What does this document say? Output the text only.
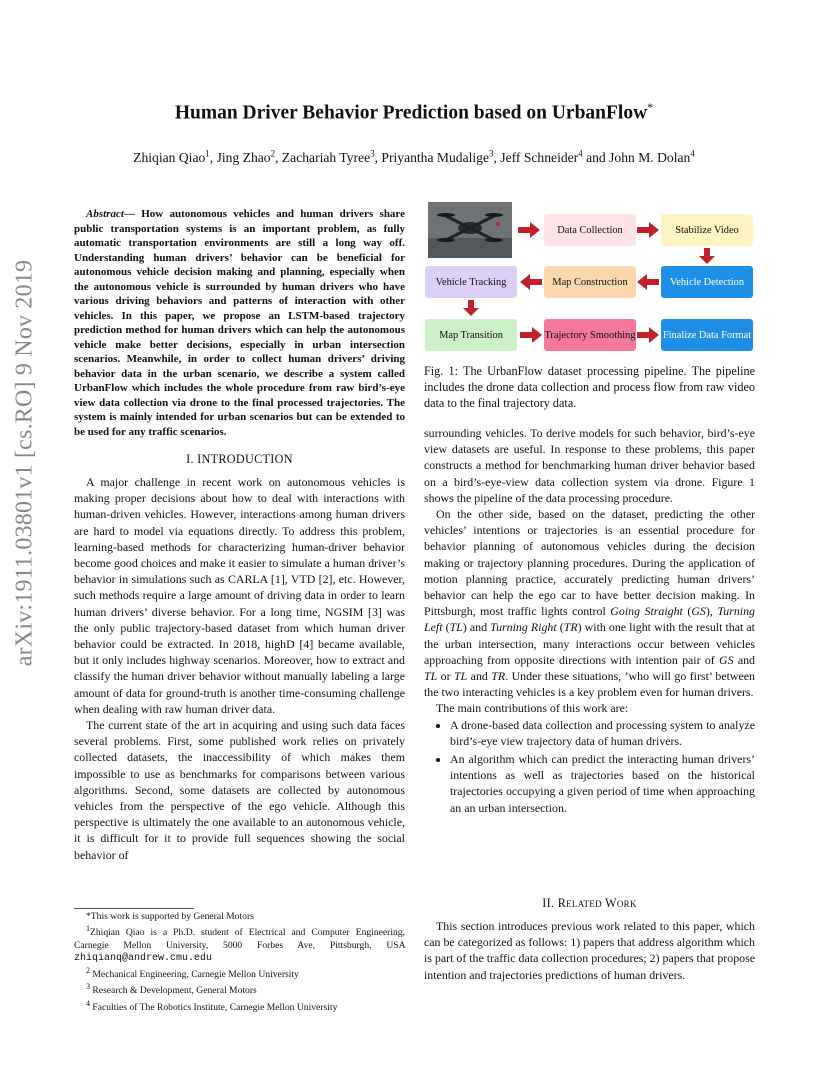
Human Driver Behavior Prediction based on UrbanFlow*
Zhiqian Qiao$^1$, Jing Zhao$^2$, Zachariah Tyree$^3$, Priyantha Mudalige$^3$, Jeff Schneider$^4$ and John M. Dolan$^4$
arXiv:1911.03801v1 [cs.RO] 9 Nov 2019

Abstract— How autonomous vehicles and human drivers share public transportation systems is an important problem, as fully automatic transportation environments are still a long way off. Understanding human drivers’ behavior can be beneficial for autonomous vehicle decision making and planning, especially when the autonomous vehicle is surrounded by human drivers who have various driving behaviors and patterns of interaction with other vehicles. In this paper, we propose an LSTM-based trajectory prediction method for human drivers which can help the autonomous vehicle make better decisions, especially in urban intersection scenarios. Meanwhile, in order to collect human drivers’ driving behavior data in the urban scenario, we describe a system called UrbanFlow which includes the whole procedure from raw bird’s-eye view data collection via drone to the final processed trajectories. The system is mainly intended for urban scenarios but can be extended to be used for any traffic scenarios.

I. INTRODUCTION

A major challenge in recent work on autonomous vehicles is making proper decisions about how to deal with interactions with human-driven vehicles. However, interactions among human drivers are hard to model via equations directly. To address this problem, learning-based methods for characterizing human-driver behavior become good choices and make it easier to simulate a human driver’s behavior in simulations such as CARLA [1], VTD [2], etc. However, such methods require a large amount of driving data in order to learn human drivers’ diverse behavior. For a long time, NGSIM [3] was the only public trajectory-based dataset from which human driver behavior could be extracted. In 2018, highD [4] became available, but it only includes highway scenarios. Moreover, how to extract and classify the human driver behavior without manually labeling a large amount of data for ground-truth is another time-consuming challenge when dealing with raw human driver data.

The current state of the art in acquiring and using such data faces several problems. First, some published work relies on privately collected datasets, the inaccessibility of which makes them impossible to use as benchmarks for comparisons between various algorithms. Second, some datasets are collected by autonomous vehicles from the perspective of the ego vehicle. Although this perspective is ultimately the one available to an autonomous vehicle, it is difficult for it to provide full sequences showing the social behavior of

*This work is supported by General Motors

$^1$Zhiqian Qiao is a Ph.D. student of Electrical and Computer Engineering, Carnegie Mellon University, 5000 Forbes Ave, Pittsburgh, USA zhiqianq@andrew.cmu.edu

$^2$ Mechanical Engineering, Carnegie Mellon University

$^3$ Research & Development, General Motors

$^4$ Faculties of The Robotics Institute, Carnegie Mellon University

Data Collection	Stabilize Video
Vehicle Tracking	Map Construction	Vehicle Detection
Map Transition	Trajectory Smoothing	Finalize Data Format
Fig. 1: The UrbanFlow dataset processing pipeline. The pipeline includes the drone data collection and process flow from raw video data to the final trajectory data.

surrounding vehicles. To derive models for such behavior, bird’s-eye view datasets are useful. In response to these problems, this paper constructs a method for benchmarking human driver behavior based on a bird’s-eye-view data collection system via drone. Figure 1 shows the pipeline of the data processing procedure.

On the other side, based on the dataset, predicting the other vehicles’ intentions or trajectories is an essential procedure for behavior planning of autonomous vehicles during the decision making or trajectory planning procedures. During the application of motion planning practice, accurately predicting human drivers’ behavior can help the ego car to have better decision making. In Pittsburgh, most traffic lights control Going Straight (GS), Turning Left (TL) and Turning Right (TR) with one light with the result that at the urban intersection, many interactions occur between vehicles approaching from opposite directions with intention pair of GS and TL or TL and TR. Under these situations, ’who will go first’ between the two interacting vehicles is a key problem even for human drivers.

The main contributions of this work are:

• A drone-based data collection and processing system to analyze bird’s-eye view trajectory data of human drivers.
• An algorithm which can predict the interacting human drivers’ intentions as well as trajectories based on the historical trajectories occupying a given period of time when approaching an an urban intersection.
II. Related Work

This section introduces previous work related to this paper, which can be categorized as follows: 1) papers that address algorithm which is part of the traffic data collection procedures; 2) papers that propose intention and trajectories predictions of human drivers.
